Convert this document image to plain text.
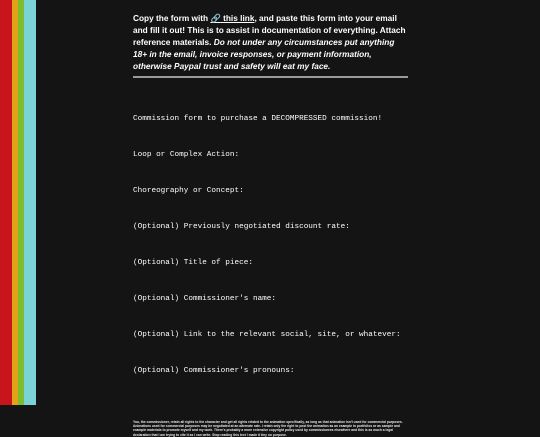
Copy the form with 🔗 this link, and paste this form into your email and fill it out! This is to assist in documentation of everything. Attach reference materials. Do not under any circumstances put anything 18+ in the email, invoice responses, or payment information, otherwise Paypal trust and safety will eat my face.

Commission form to purchase a DECOMPRESSED commission!

Loop or Complex Action:

Choreography or Concept:

(Optional) Previously negotiated discount rate:

(Optional) Title of piece:

(Optional) Commissioner's name:

(Optional) Link to the relevant social, site, or whatever:

(Optional) Commissioner's pronouns:

You, the commissioner, retain all rights to the character and get all rights related to the animation specifically, as long as that animation isn't used for commercial purposes. Animations used for commercial purposes may be negotiated at an alternate rate. I retain only the right to post the animation as an example in portfolios or as sample and example materials to promote myself and my work. There's probably a more extensive copyright policy used by commissionees elsewhere and this is as much a legal declaration that I am trying to cite it as I can write. Stop reading this text I made it tiny on purpose.
